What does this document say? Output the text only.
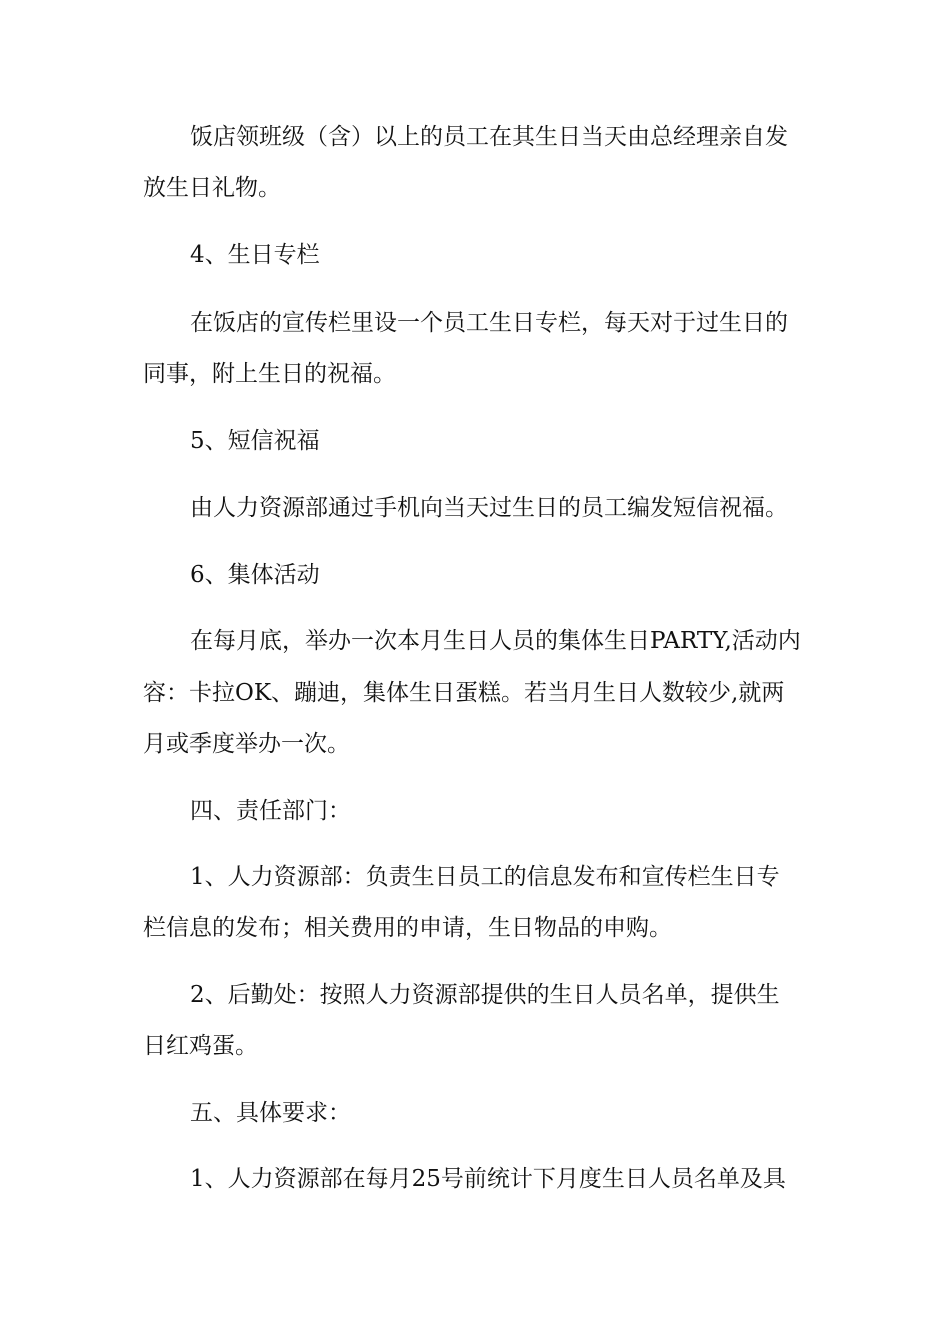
饭店领班级（含）以上的员工在其生日当天由总经理亲自发

放生日礼物。

4、生日专栏

在饭店的宣传栏里设一个员工生日专栏，每天对于过生日的

同事，附上生日的祝福。

5、短信祝福

由人力资源部通过手机向当天过生日的员工编发短信祝福。

6、集体活动

在每月底，举办一次本月生日人员的集体生日PARTY,活动内

容：卡拉OK、蹦迪，集体生日蛋糕。若当月生日人数较少,就两

月或季度举办一次。

四、责任部门：

1、人力资源部：负责生日员工的信息发布和宣传栏生日专

栏信息的发布；相关费用的申请，生日物品的申购。

2、后勤处：按照人力资源部提供的生日人员名单，提供生

日红鸡蛋。

五、具体要求：

1、人力资源部在每月25号前统计下月度生日人员名单及具
